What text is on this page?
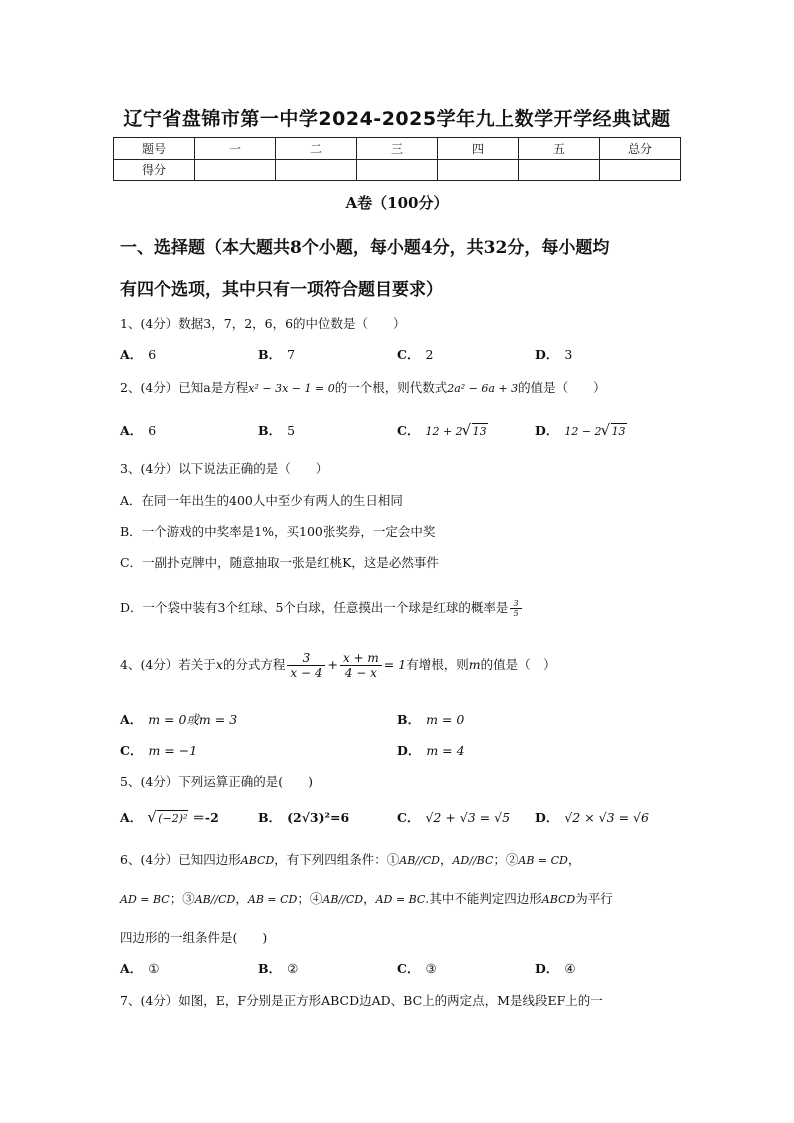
辽宁省盘锦市第一中学2024-2025学年九上数学开学经典试题
题号	一	二	三	四	五	总分
得分						
A卷（100分）
一、选择题（本大题共8个小题，每小题4分，共32分，每小题均
有四个选项，其中只有一项符合题目要求）
1、(4分）数据3，7，2，6，6的中位数是（　　）
A． 6	B． 7	C． 2	D． 3
2、(4分）已知a是方程x² − 3x − 1 = 0的一个根，则代数式2a² − 6a + 3的值是（　　）
A． 6	B． 5	C． 12 + 2 √ 13	D． 12 − 2 √ 13
3、(4分）以下说法正确的是（　　）
A．在同一年出生的400人中至少有两人的生日相同
B．一个游戏的中奖率是1%，买100张奖券，一定会中奖
C．一副扑克牌中，随意抽取一张是红桃K，这是必然事件
D．一个袋中装有3个红球、5个白球，任意摸出一个球是红球的概率是 $\frac{3}{5}$
4、(4分）若关于x的分式方程 $\frac{3}{x - 4} + \frac{x + m}{4 - x} = 1$有增根，则m的值是（　）
A． m = 0或m = 3	B． m = 0
C． m = −1	D． m = 4
5、(4分）下列运算正确的是(　　)
A． √ (−2)² ＝-2	B． (2√3)²=6	C． √2 + √3 = √5 D． √2 × √3 = √6
6、(4分）已知四边形ABCD，有下列四组条件：①AB//CD，AD//BC；②AB = CD，
AD = BC；③AB//CD，AB = CD；④AB//CD，AD = BC.其中不能判定四边形ABCD为平行
四边形的一组条件是(　　)
A． ①	B． ②	C． ③	D． ④
7、(4分）如图，E，F分别是正方形ABCD边AD、BC上的两定点，M是线段EF上的一
